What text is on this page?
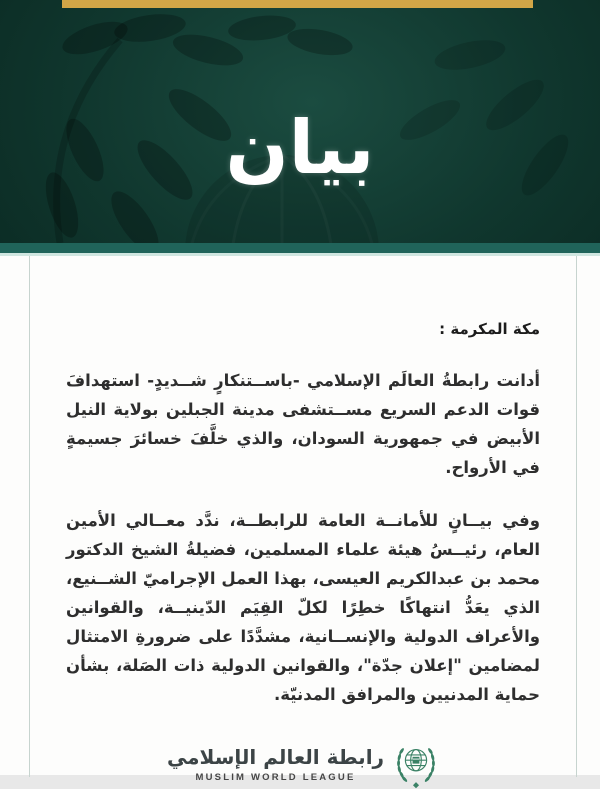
بيان

مكة المكرمة :

أدانت رابطةُ العالَم الإسلامي -باســتنكارٍ شــديدٍ- استهدافَ قوات الدعم السريع مســتشفى مدينة الجبلين بولاية النيل الأبيض في جمهورية السودان، والذي خلَّفَ خسائرَ جسيمةٍ في الأرواح.

وفي بيــانٍ للأمانــة العامة للرابطــة، ندَّد معــالي الأمين العام، رئيــسُ هيئة علماء المسلمين، فضيلةُ الشيخ الدكتور محمد بن عبدالكريم العيسى، بهذا العمل الإجراميّ الشــنيع، الذي يعَدُّ انتهاكًا خطِرًا لكلّ القِيَم الدّينيــة، والقوانين والأعراف الدولية والإنســانية، مشدَّدًا على ضرورةِ الامتثال لمضامين "إعلان جدّة"، والقوانين الدولية ذات الصَلة، بشأن حماية المدنيين والمرافق المدنيّة.

رابطة العالم الإسلامي
MUSLIM WORLD LEAGUE
